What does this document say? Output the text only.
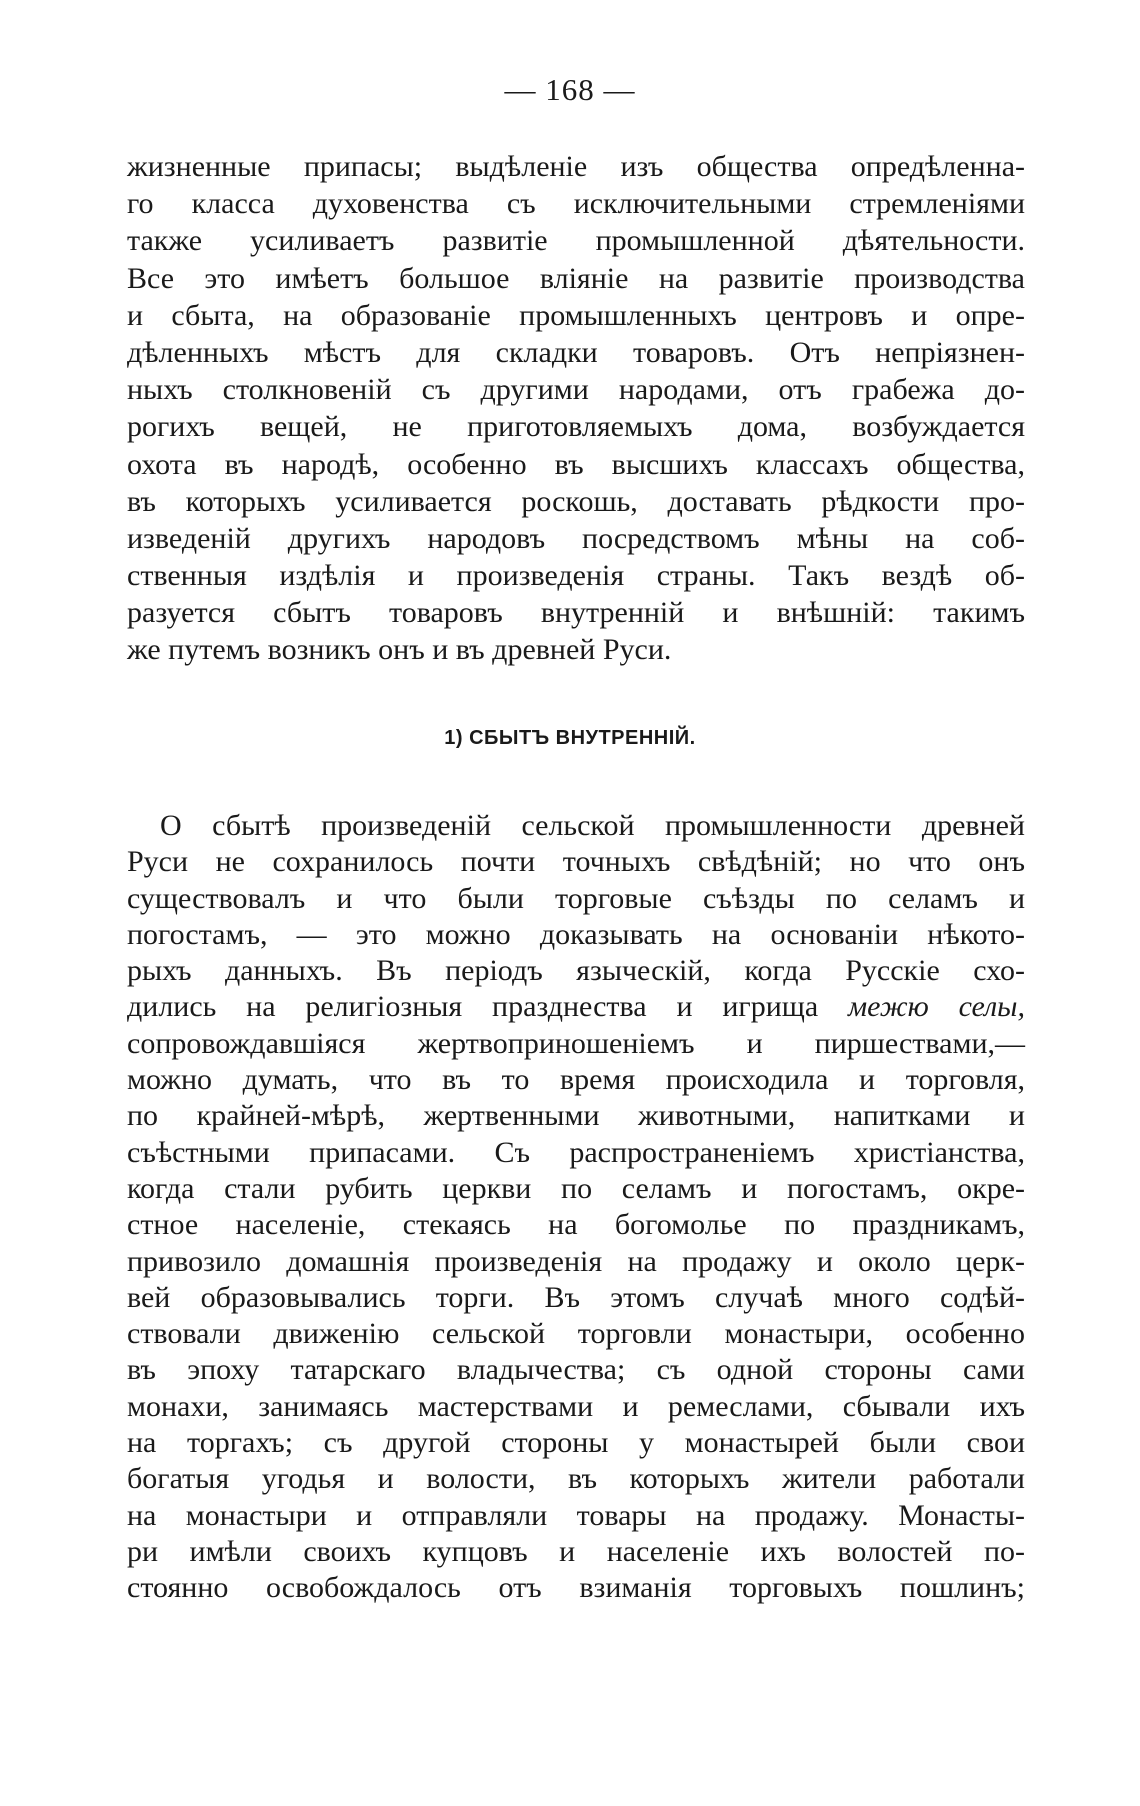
— 168 —
жизненные припасы; выдѣленіе изъ общества опредѣленна-
го класса духовенства съ исключительными стремленіями
также усиливаетъ развитіе промышленной дѣятельности.
Все это имѣетъ большое вліяніе на развитіе производства
и сбыта, на образованіе промышленныхъ центровъ и опре-
дѣленныхъ мѣстъ для складки товаровъ. Отъ непріязнен-
ныхъ столкновеній съ другими народами, отъ грабежа до-
рогихъ вещей, не приготовляемыхъ дома, возбуждается
охота въ народѣ, особенно въ высшихъ классахъ общества,
въ которыхъ усиливается роскошь, доставать рѣдкости про-
изведеній другихъ народовъ посредствомъ мѣны на соб-
ственныя издѣлія и произведенія страны. Такъ вездѣ об-
разуется сбытъ товаровъ внутренній и внѣшній: такимъ
же путемъ возникъ онъ и въ древней Руси.
1) СБЫТЪ ВНУТРЕННІЙ.
О сбытѣ произведеній сельской промышленности древней
Руси не сохранилось почти точныхъ свѣдѣній; но что онъ
существовалъ и что были торговые съѣзды по селамъ и
погостамъ, — это можно доказывать на основаніи нѣкото-
рыхъ данныхъ. Въ періодъ языческій, когда Русскіе схо-
дились на религіозныя празднества и игрища межю селы,
сопровождавшіяся жертвоприношеніемъ и пиршествами,—
можно думать, что въ то время происходила и торговля,
по крайней-мѣрѣ, жертвенными животными, напитками и
съѣстными припасами. Съ распространеніемъ христіанства,
когда стали рубить церкви по селамъ и погостамъ, окре-
стное населеніе, стекаясь на богомолье по праздникамъ,
привозило домашнія произведенія на продажу и около церк-
вей образовывались торги. Въ этомъ случаѣ много содѣй-
ствовали движенію сельской торговли монастыри, особенно
въ эпоху татарскаго владычества; съ одной стороны сами
монахи, занимаясь мастерствами и ремеслами, сбывали ихъ
на торгахъ; съ другой стороны у монастырей были свои
богатыя угодья и волости, въ которыхъ жители работали
на монастыри и отправляли товары на продажу. Монасты-
ри имѣли своихъ купцовъ и населеніе ихъ волостей по-
стоянно освобождалось отъ взиманія торговыхъ пошлинъ;
